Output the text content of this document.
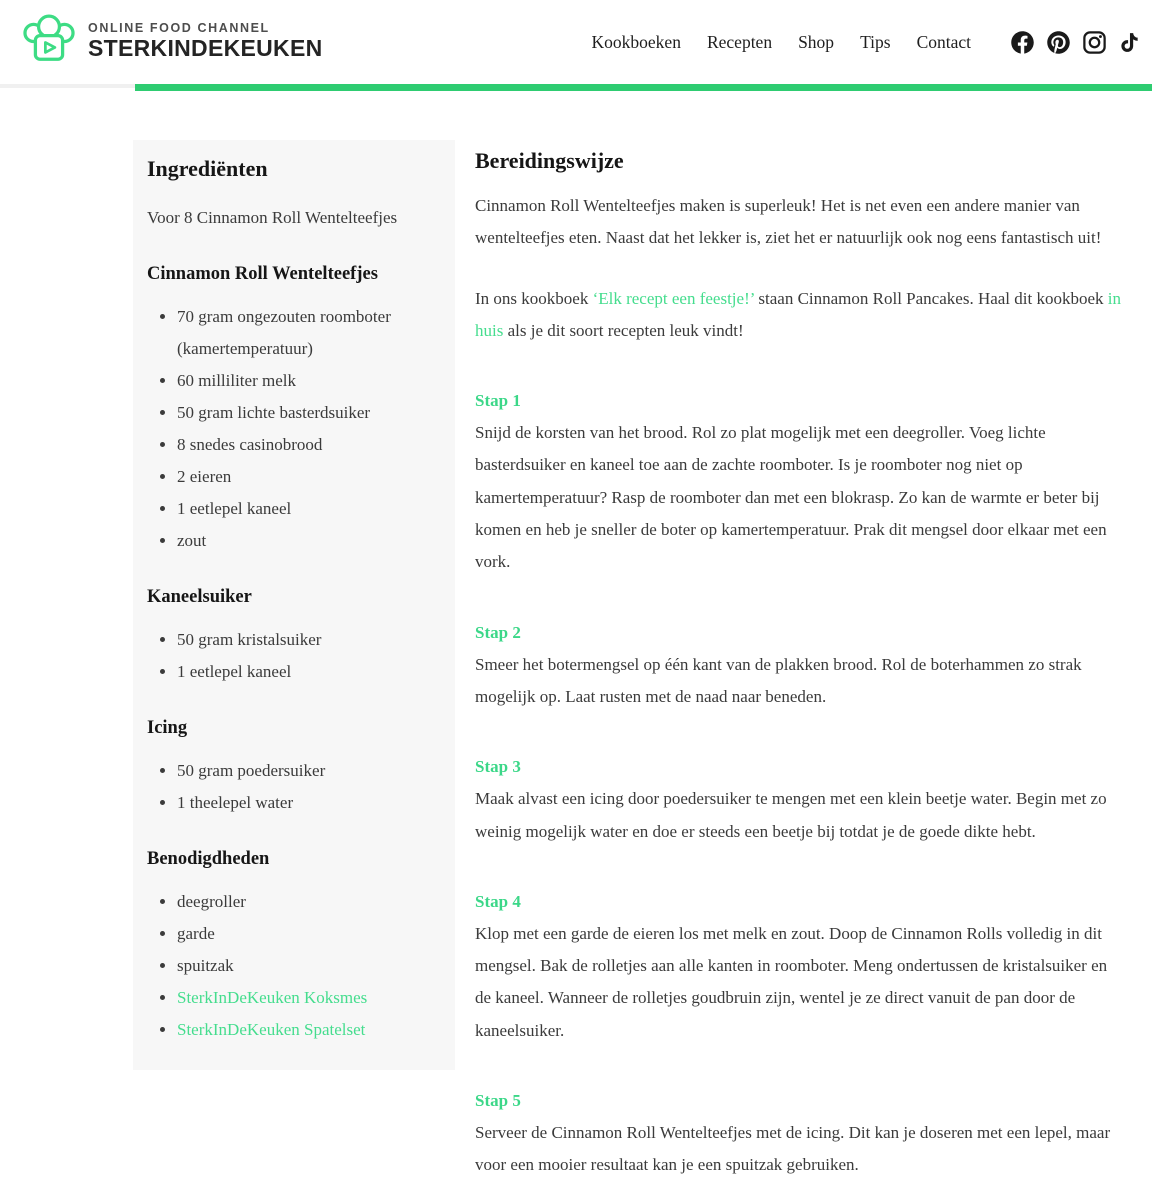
ONLINE FOOD CHANNEL
STERKINDEKEUKEN	Kookboeken Recepten Shop Tips Contact
Ingrediënten

Voor 8 Cinnamon Roll Wentelteefjes

Cinnamon Roll Wentelteefjes
• 70 gram ongezouten roomboter (kamertemperatuur)
• 60 milliliter melk
• 50 gram lichte basterdsuiker
• 8 snedes casinobrood
• 2 eieren
• 1 eetlepel kaneel
• zout
Kaneelsuiker
• 50 gram kristalsuiker
• 1 eetlepel kaneel
Icing
• 50 gram poedersuiker
• 1 theelepel water
Benodigdheden
• deegroller
• garde
• spuitzak
• SterkInDeKeuken Koksmes
• SterkInDeKeuken Spatelset
Bereidingswijze

Cinnamon Roll Wentelteefjes maken is superleuk! Het is net even een andere manier van wentelteefjes eten. Naast dat het lekker is, ziet het er natuurlijk ook nog eens fantastisch uit!

In ons kookboek ‘Elk recept een feestje!’ staan Cinnamon Roll Pancakes. Haal dit kookboek in huis als je dit soort recepten leuk vindt!

Stap 1

Snijd de korsten van het brood. Rol zo plat mogelijk met een deegroller. Voeg lichte basterdsuiker en kaneel toe aan de zachte roomboter. Is je roomboter nog niet op kamertemperatuur? Rasp de roomboter dan met een blokrasp. Zo kan de warmte er beter bij komen en heb je sneller de boter op kamertemperatuur. Prak dit mengsel door elkaar met een vork.

Stap 2

Smeer het botermengsel op één kant van de plakken brood. Rol de boterhammen zo strak mogelijk op. Laat rusten met de naad naar beneden.

Stap 3

Maak alvast een icing door poedersuiker te mengen met een klein beetje water. Begin met zo weinig mogelijk water en doe er steeds een beetje bij totdat je de goede dikte hebt.

Stap 4

Klop met een garde de eieren los met melk en zout. Doop de Cinnamon Rolls volledig in dit mengsel. Bak de rolletjes aan alle kanten in roomboter. Meng ondertussen de kristalsuiker en de kaneel. Wanneer de rolletjes goudbruin zijn, wentel je ze direct vanuit de pan door de kaneelsuiker.

Stap 5

Serveer de Cinnamon Roll Wentelteefjes met de icing. Dit kan je doseren met een lepel, maar voor een mooier resultaat kan je een spuitzak gebruiken.
